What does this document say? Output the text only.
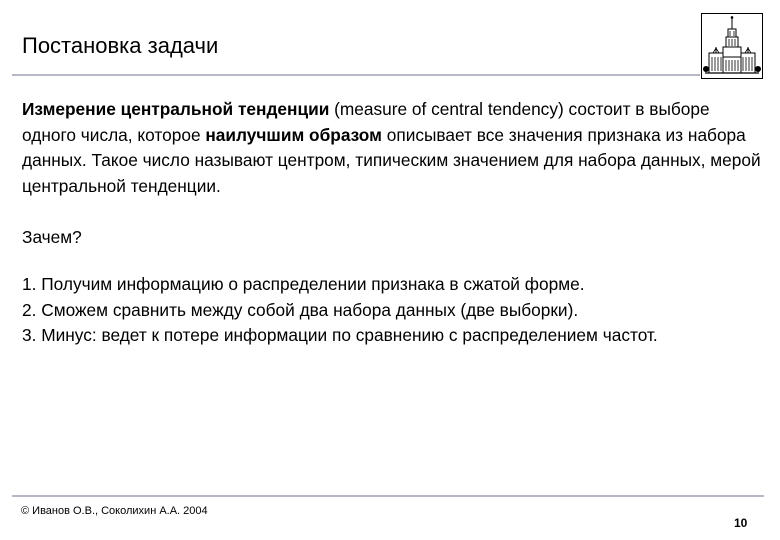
Постановка задачи

Измерение центральной тенденции (measure of central tendency) состоит в выборе одного числа, которое наилучшим образом описывает все значения признака из набора данных. Такое число называют центром, типическим значением для набора данных, мерой центральной тенденции.

Зачем?

1. Получим информацию о распределении признака в сжатой форме.

2. Сможем сравнить между собой два набора данных (две выборки).

3. Минус: ведет к потере информации по сравнению с распределением частот.

© Иванов О.В., Соколихин А.А. 2004
10
